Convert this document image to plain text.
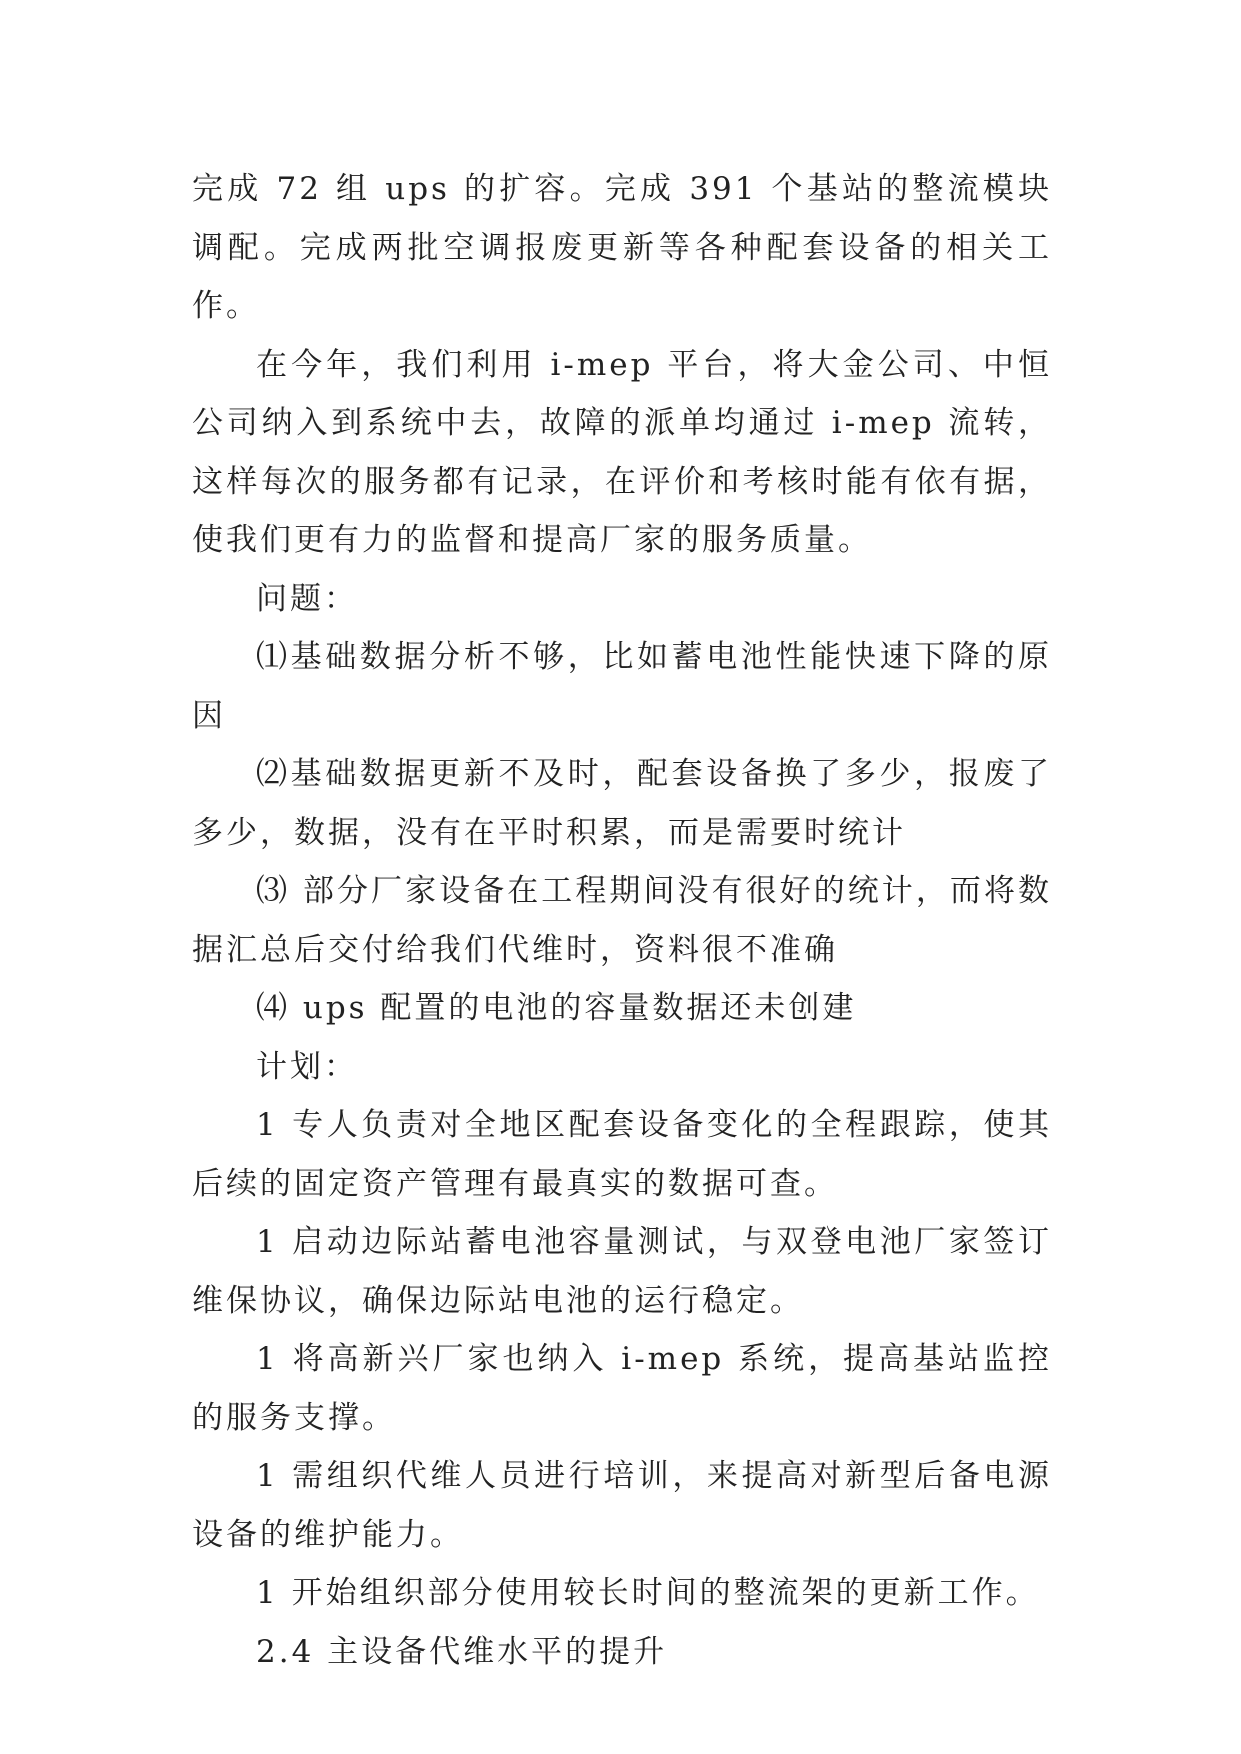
完成 72 组 ups 的扩容。完成 391 个基站的整流模块调配。完成两批空调报废更新等各种配套设备的相关工作。

在今年，我们利用 i-mep 平台，将大金公司、中恒公司纳入到系统中去，故障的派单均通过 i-mep 流转，这样每次的服务都有记录，在评价和考核时能有依有据，使我们更有力的监督和提高厂家的服务质量。

问题：

⑴基础数据分析不够，比如蓄电池性能快速下降的原因

⑵基础数据更新不及时，配套设备换了多少，报废了多少，数据，没有在平时积累，而是需要时统计

⑶ 部分厂家设备在工程期间没有很好的统计，而将数据汇总后交付给我们代维时，资料很不准确

⑷ ups 配置的电池的容量数据还未创建

计划：

1 专人负责对全地区配套设备变化的全程跟踪，使其后续的固定资产管理有最真实的数据可查。

1 启动边际站蓄电池容量测试，与双登电池厂家签订维保协议，确保边际站电池的运行稳定。

1 将高新兴厂家也纳入 i-mep 系统，提高基站监控的服务支撑。

1 需组织代维人员进行培训，来提高对新型后备电源设备的维护能力。

1 开始组织部分使用较长时间的整流架的更新工作。

2.4 主设备代维水平的提升
